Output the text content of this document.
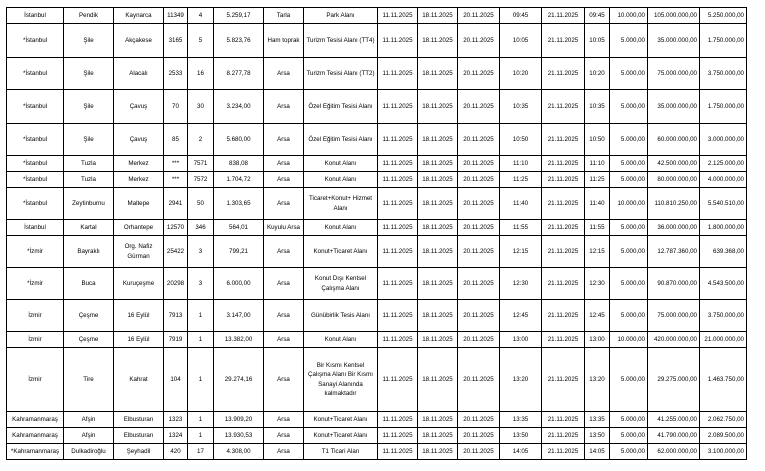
İstanbul	Pendik	Kaynarca	11349	4	5.259,17	Tarla	Park Alanı	11.11.2025	18.11.2025	20.11.2025	09:45	21.11.2025	09:45	10.000,00	105.000.000,00	5.250.000,00
*İstanbul	Şile	Akçakese	3165	5	5.823,76	Ham toprak	Turizm Tesisi Alanı (TT4)	11.11.2025	18.11.2025	20.11.2025	10:05	21.11.2025	10:05	5.000,00	35.000.000,00	1.750.000,00
*İstanbul	Şile	Alacalı	2533	16	8.277,78	Arsa	Turizm Tesisi Alanı (TT2)	11.11.2025	18.11.2025	20.11.2025	10:20	21.11.2025	10:20	5.000,00	75.000.000,00	3.750.000,00
*İstanbul	Şile	Çavuş	70	30	3.234,00	Arsa	Özel Eğitim Tesisi Alanı	11.11.2025	18.11.2025	20.11.2025	10:35	21.11.2025	10:35	5.000,00	35.000.000,00	1.750.000,00
*İstanbul	Şile	Çavuş	85	2	5.680,00	Arsa	Özel Eğitim Tesisi Alanı	11.11.2025	18.11.2025	20.11.2025	10:50	21.11.2025	10:50	5.000,00	60.000.000,00	3.000.000,00
*İstanbul	Tuzla	Merkez	***	7571	838,08	Arsa	Konut Alanı	11.11.2025	18.11.2025	20.11.2025	11:10	21.11.2025	11:10	5.000,00	42.500.000,00	2.125.000,00
*İstanbul	Tuzla	Merkez	***	7572	1.704,72	Arsa	Konut Alanı	11.11.2025	18.11.2025	20.11.2025	11:25	21.11.2025	11:25	5.000,00	80.000.000,00	4.000.000,00
*İstanbul	Zeytinburnu	Maltepe	2941	50	1.303,65	Arsa	Ticaret+Konut+ Hizmet Alanı	11.11.2025	18.11.2025	20.11.2025	11:40	21.11.2025	11:40	10.000,00	110.810.250,00	5.540.510,00
İstanbul	Kartal	Orhantepe	12570	346	564,01	Kuyulu Arsa	Konut Alanı	11.11.2025	18.11.2025	20.11.2025	11:55	21.11.2025	11:55	5.000,00	36.000.000,00	1.800.000,00
*İzmir	Bayraklı	Org. Nafiz Gürman	25422	3	799,21	Arsa	Konut+Ticaret Alanı	11.11.2025	18.11.2025	20.11.2025	12:15	21.11.2025	12:15	5.000,00	12.787.360,00	639.368,00
*İzmir	Buca	Kuruçeşme	20298	3	6.000,00	Arsa	Konut Dışı Kentsel Çalışma Alanı	11.11.2025	18.11.2025	20.11.2025	12:30	21.11.2025	12:30	5.000,00	90.870.000,00	4.543.500,00
İzmir	Çeşme	16 Eylül	7913	1	3.147,00	Arsa	Günübirlik Tesis Alanı	11.11.2025	18.11.2025	20.11.2025	12:45	21.11.2025	12:45	5.000,00	75.000.000,00	3.750.000,00
İzmir	Çeşme	16 Eylül	7919	1	13.382,00	Arsa	Konut Alanı	11.11.2025	18.11.2025	20.11.2025	13:00	21.11.2025	13:00	10.000,00	420.000.000,00	21.000.000,00
İzmir	Tire	Kahrat	104	1	29.274,16	Arsa	Bir Kısmı Kentsel Çalışma Alanı Bir Kısmı Sanayi Alanında kalmaktadır	11.11.2025	18.11.2025	20.11.2025	13:20	21.11.2025	13:20	5.000,00	29.275.000,00	1.463.750,00
Kahramanmaraş	Afşin	Elbusturan	1323	1	13.909,20	Arsa	Konut+Ticaret Alanı	11.11.2025	18.11.2025	20.11.2025	13:35	21.11.2025	13:35	5.000,00	41.255.000,00	2.062.750,00
Kahramanmaraş	Afşin	Elbusturan	1324	1	13.930,53	Arsa	Konut+Ticaret Alanı	11.11.2025	18.11.2025	20.11.2025	13:50	21.11.2025	13:50	5.000,00	41.790.000,00	2.089.500,00
*Kahramanmaraş	Dulkadiroğlu	Şeyhadil	420	17	4.308,00	Arsa	T1 Ticari Alan	11.11.2025	18.11.2025	20.11.2025	14:05	21.11.2025	14:05	5.000,00	62.000.000,00	3.100.000,00
